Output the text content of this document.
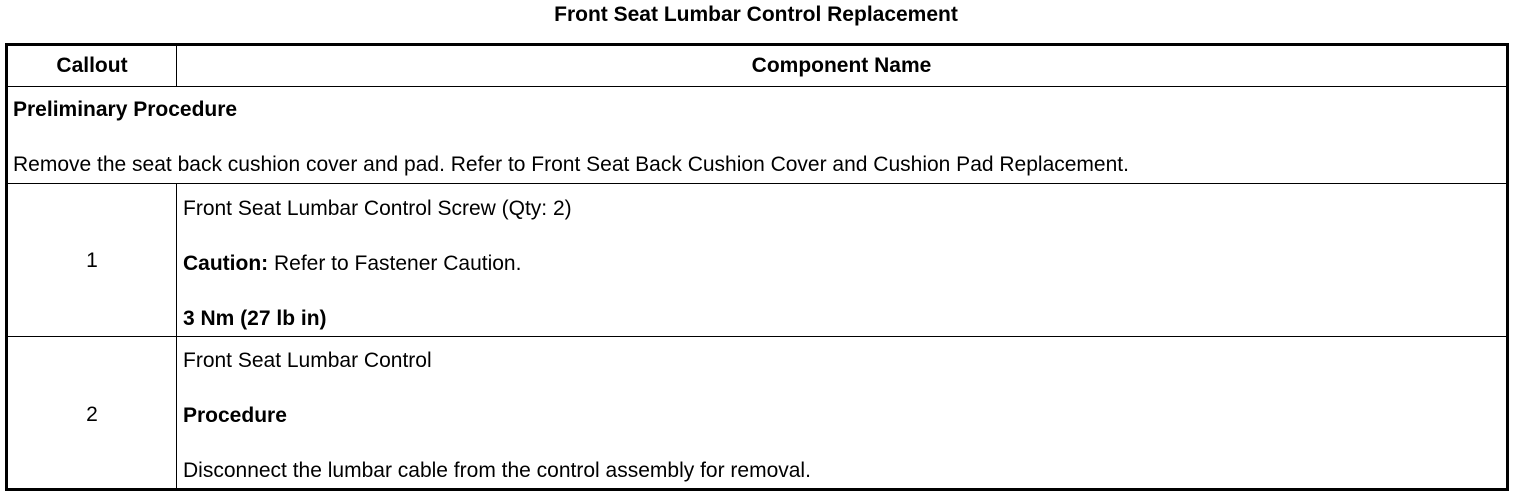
Front Seat Lumbar Control Replacement
Callout	Component Name
Preliminary Procedure
Remove the seat back cushion cover and pad. Refer to Front Seat Back Cushion Cover and Cushion Pad Replacement.
1
Front Seat Lumbar Control Screw (Qty: 2)
Caution: Refer to Fastener Caution.
3 Nm (27 lb in)
2
Front Seat Lumbar Control
Procedure
Disconnect the lumbar cable from the control assembly for removal.
